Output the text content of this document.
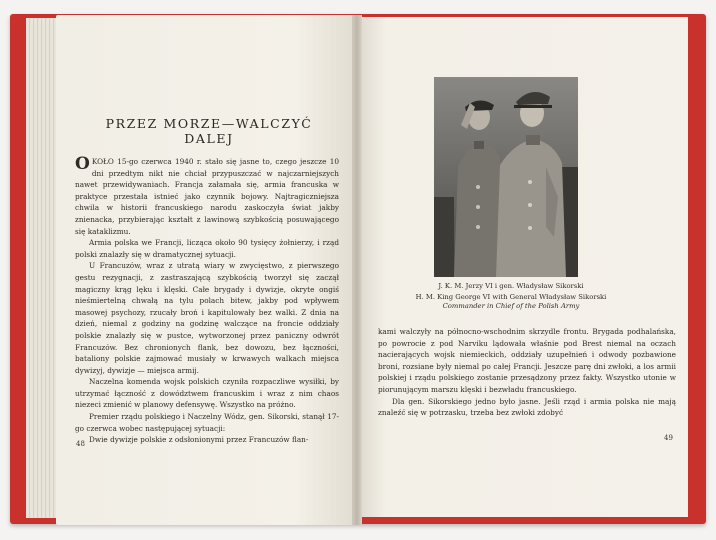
PRZEZ MORZE—WALCZYĆ DALEJ

OKOŁO 15-go czerwca 1940 r. stało się jasne to, czego jeszcze 10 dni przedtym nikt nie chciał przypuszczać w najczarniejszych nawet przewidywaniach. Francja załamała się, armia francuska w praktyce przestała istnieć jako czynnik bojowy. Najtragiczniejsza chwila w historii francuskiego narodu zaskoczyła świat jakby znienacka, przybierając kształt z lawinową szybkością posuwającego się kataklizmu.

Armia polska we Francji, licząca około 90 tysięcy żołnierzy, i rząd polski znalazły się w dramatycznej sytuacji.

U Francuzów, wraz z utratą wiary w zwycięstwo, z pierwszego gestu rezygnacji, z zastraszającą szybkością tworzył się zaczął magiczny krąg lęku i klęski. Całe brygady i dywizje, okryte ongiś nieśmiertelną chwałą na tylu polach bitew, jakby pod wpływem masowej psychozy, rzucały broń i kapitulowały bez walki. Z dnia na dzień, niemal z godziny na godzinę walczące na froncie oddziały polskie znalazły się w pustce, wytworzonej przez paniczny odwrót Francuzów. Bez chronionych flank, bez dowozu, bez łączności, bataliony polskie zajmować musiały w krwawych walkach miejsca dywizyj, dywizje — miejsca armij.

Naczelna komenda wojsk polskich czyniła rozpaczliwe wysiłki, by utrzymać łączność z dowództwem francuskim i wraz z nim chaos niezeci zmienić w planowy defensywę. Wszystko na próżno.

Premier rządu polskiego i Naczelny Wódz, gen. Sikorski, stanął 17-go czerwca wobec następującej sytuacji:

Dwie dywizje polskie z odsłonionymi przez Francuzów flan-

48
J. K. M. Jerzy VI i gen. Władysław Sikorski
H. M. King George VI with General Władysław Sikorski
Commander in Chief of the Polish Army

kami walczyły na północno-wschodnim skrzydle frontu. Brygada podhalańska, po powrocie z pod Narviku lądowała właśnie pod Brest niemal na oczach nacierających wojsk niemieckich, oddziały uzupełnień i odwody pozbawione broni, rozsiane były niemal po całej Francji. Jeszcze parę dni zwłoki, a los armii polskiej i rządu polskiego zostanie przesądzony przez fakty. Wszystko utonie w piorunującym marszu klęski i bezwładu francuskiego.

Dla gen. Sikorskiego jedno było jasne. Jeśli rząd i armia polska nie mają znaleźć się w potrzasku, trzeba bez zwłoki zdobyć

49
